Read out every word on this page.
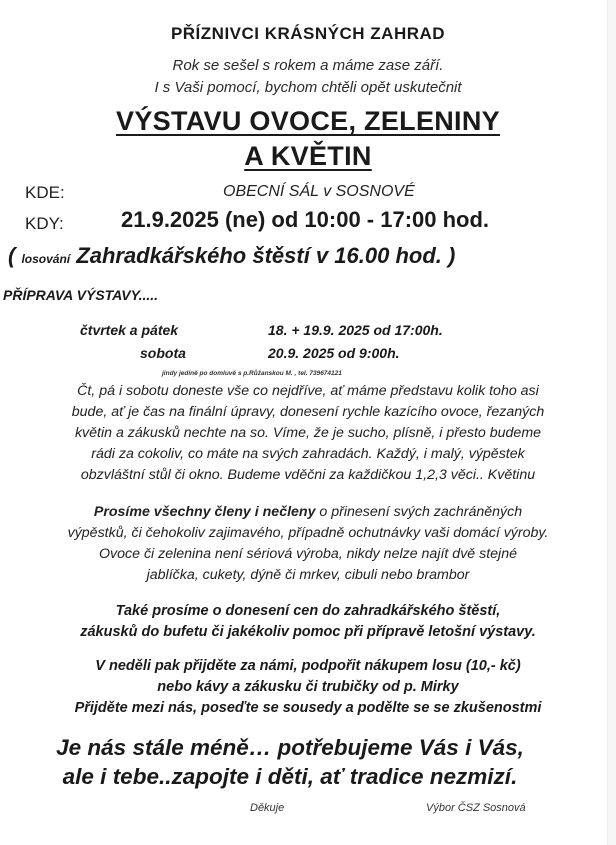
PŘÍZNIVCI KRÁSNÝCH ZAHRAD
Rok se sešel s rokem a máme zase září.
I s Vaši pomocí, bychom chtěli opět uskutečnit
VÝSTAVU OVOCE, ZELENINY
A KVĚTIN
KDE:	OBECNÍ SÁL v SOSNOVÉ
KDY:	21.9.2025 (ne) od 10:00 - 17:00 hod.
( losování Zahradkářského štěstí v 16.00 hod. )
PŘÍPRAVA VÝSTAVY.....
čtvrtek a pátek	18. + 19.9. 2025 od 17:00h.
sobota	20.9. 2025 od 9:00h.
jindy jedině po domluvě s p.Růžanskou M. , tel. 739674121
Čt, pá i sobotu doneste vše co nejdříve, ať máme představu kolik toho asi
bude, ať je čas na finální úpravy, donesení rychle kazícího ovoce, řezaných
květin a zákusků nechte na so. Víme, že je sucho, plísně, i přesto budeme
rádi za cokoliv, co máte na svých zahradách. Každý, i malý, výpěstek
obzvláštní stůl či okno. Budeme vděčni za každičkou 1,2,3 věci.. Květinu
Prosíme všechny členy i nečleny o přinesení svých zachráněných
výpěstků, či čehokoliv zajimavého, případně ochutnávky vaši domácí výroby.
Ovoce či zelenina není sériová výroba, nikdy nelze najít dvě stejné
jablíčka, cukety, dýně či mrkev, cibuli nebo brambor
Také prosíme o donesení cen do zahradkářského štěstí,
zákusků do bufetu či jakékoliv pomoc při přípravě letošní výstavy.
V neděli pak přijděte za námi, podpořit nákupem losu (10,- kč)
nebo kávy a zákusku či trubičky od p. Mirky
Přijděte mezi nás, poseďte se sousedy a podělte se se zkušenostmi
Je nás stále méně… potřebujeme Vás i Vás,
ale i tebe..zapojte i děti, ať tradice nezmizí.
Děkuje	Výbor ČSZ Sosnová
